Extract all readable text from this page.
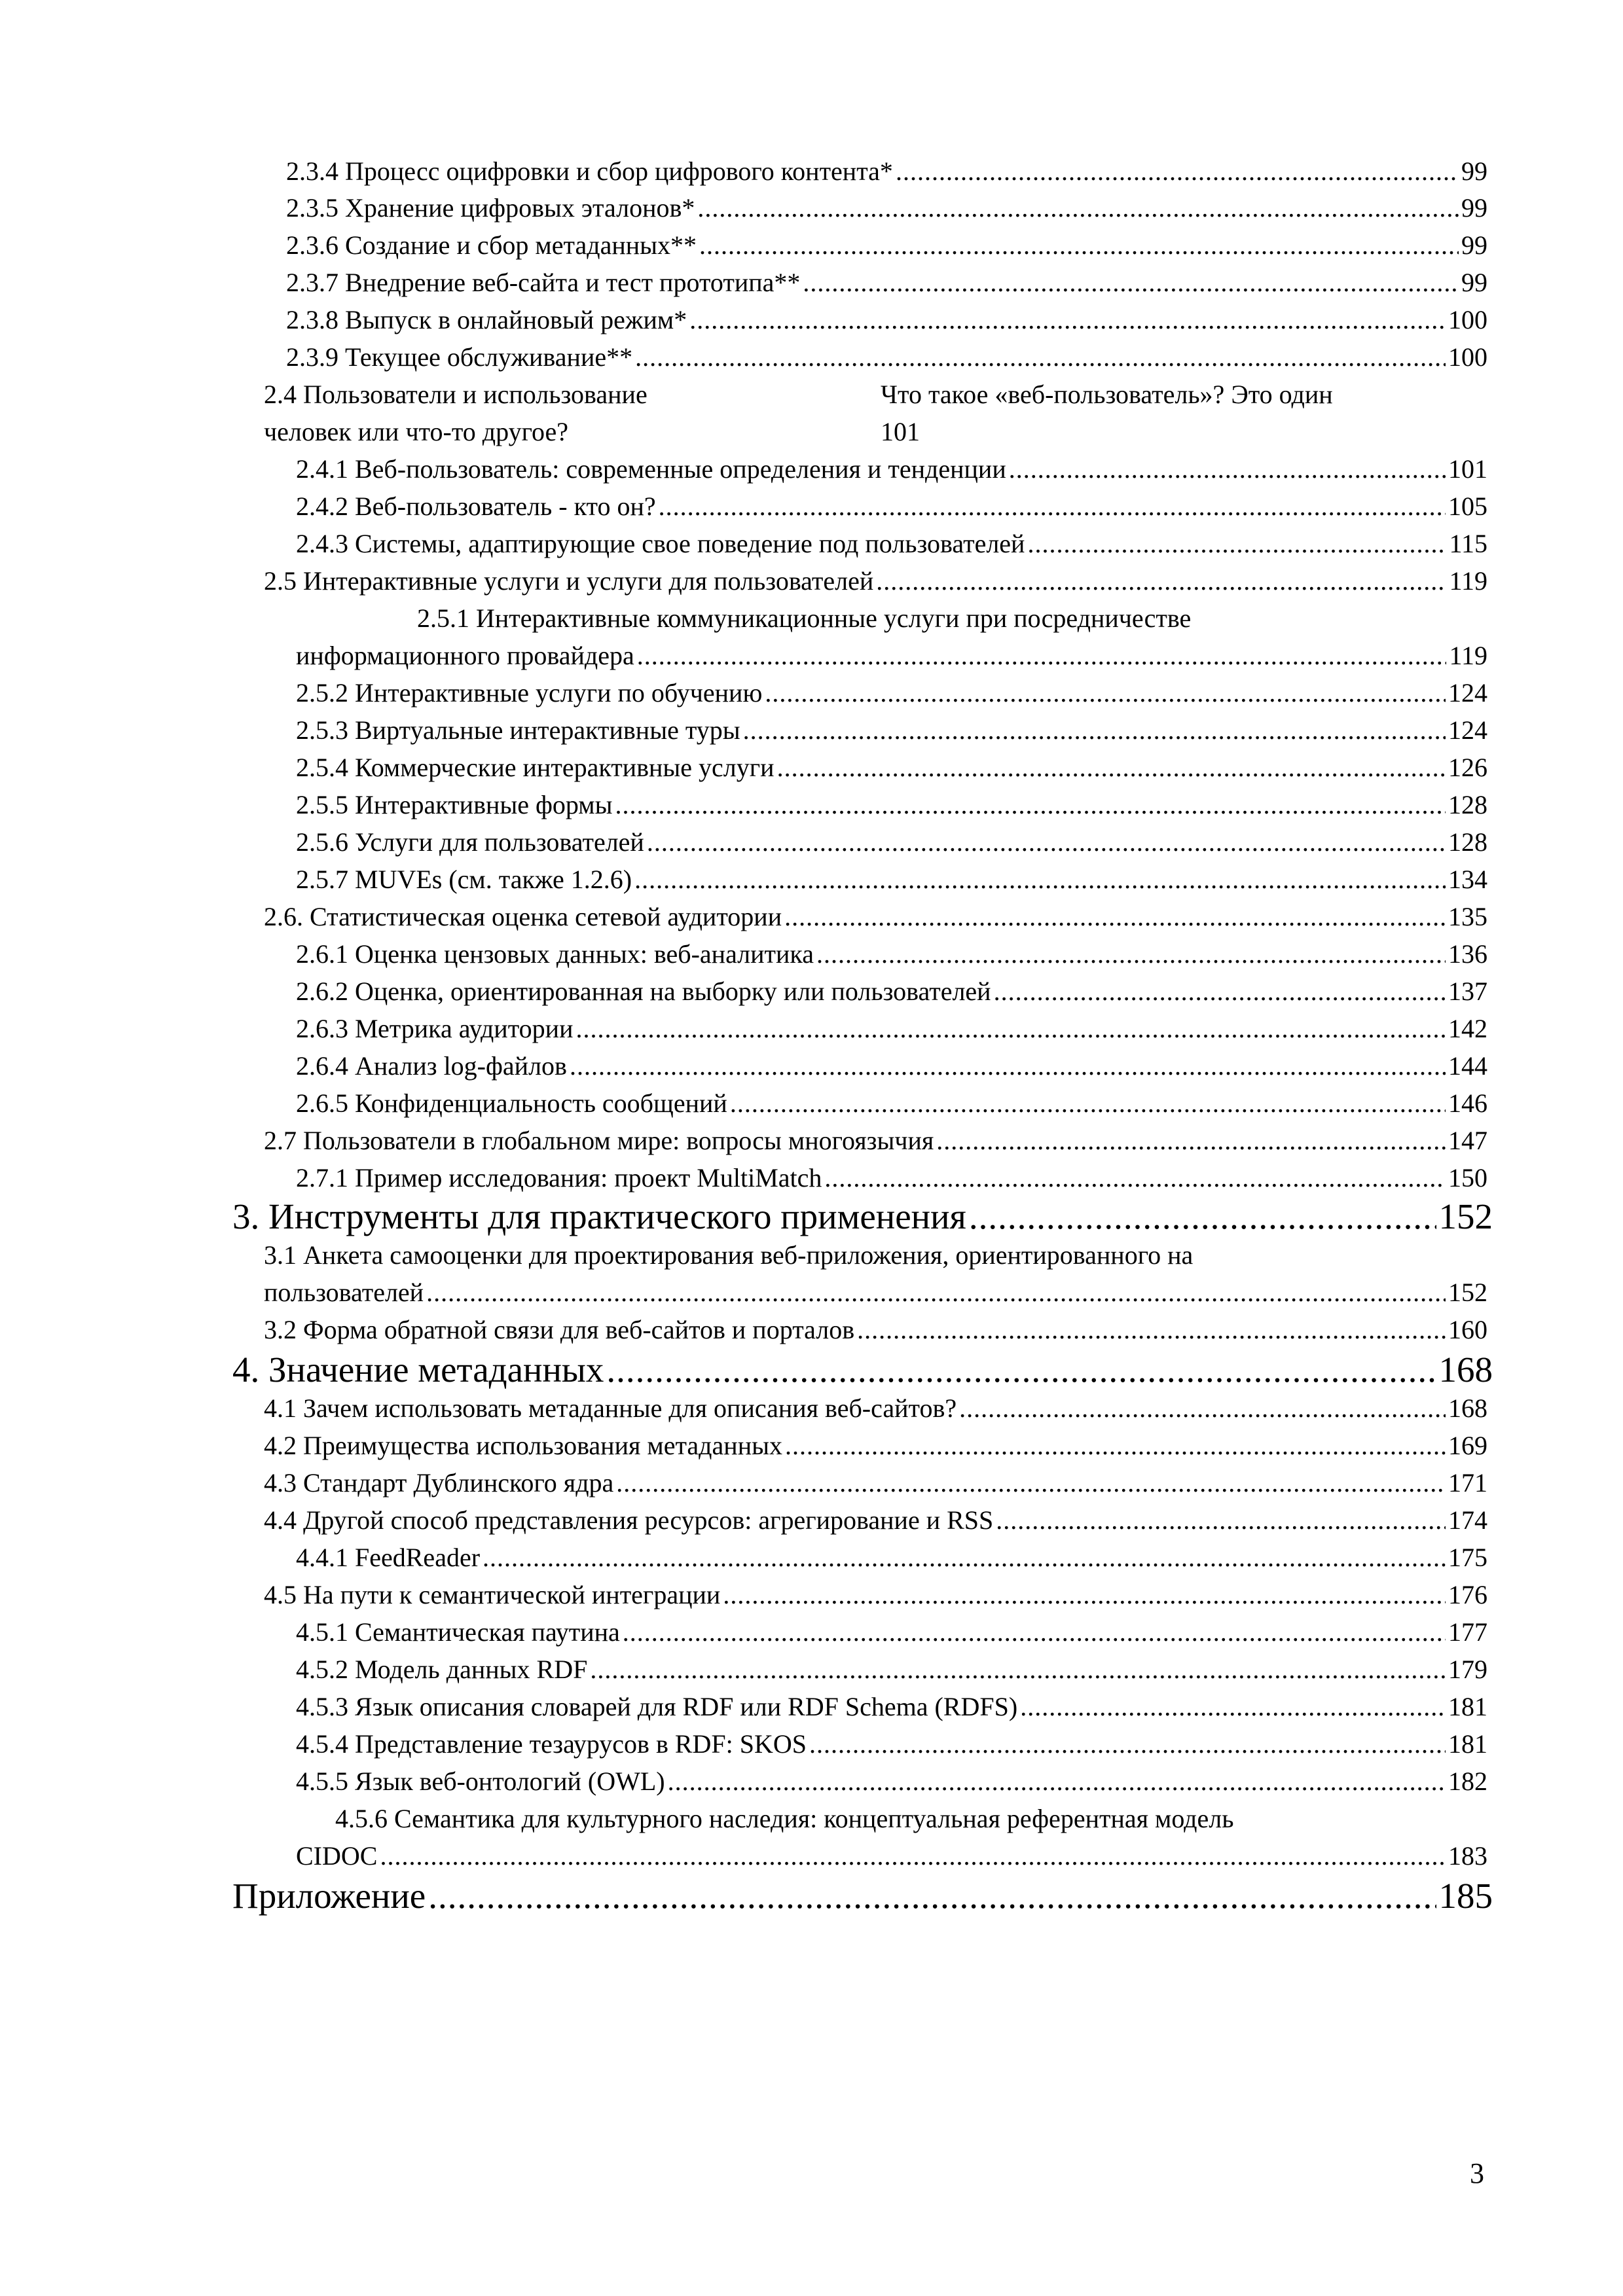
2.3.4 Процесс оцифровки и сбор цифрового контента* .....	99
2.3.5 Хранение цифровых эталонов* .....	99
2.3.6 Создание и сбор метаданных** .....	99
2.3.7 Внедрение веб-сайта и тест прототипа** .....	99
2.3.8 Выпуск в онлайновый режим* .....	100
2.3.9 Текущее обслуживание** .....	100
2.4 Пользователи и использование	Что такое «веб-пользователь»? Это один
человек или что-то другое?	101
2.4.1 Веб-пользователь: современные определения и тенденции .....	101
2.4.2 Веб-пользователь - кто он? .....	105
2.4.3 Системы, адаптирующие свое поведение под пользователей .....	115
2.5 Интерактивные услуги и услуги для пользователей .....	119
2.5.1 Интерактивные коммуникационные услуги при посредничестве
информационного провайдера .....	119
2.5.2 Интерактивные услуги по обучению .....	124
2.5.3 Виртуальные интерактивные туры .....	124
2.5.4 Коммерческие интерактивные услуги .....	126
2.5.5 Интерактивные формы .....	128
2.5.6 Услуги для пользователей .....	128
2.5.7 MUVEs (см. также 1.2.6) .....	134
2.6. Статистическая оценка сетевой аудитории .....	135
2.6.1 Оценка цензовых данных: веб-аналитика .....	136
2.6.2 Оценка, ориентированная на выборку или пользователей .....	137
2.6.3 Метрика аудитории .....	142
2.6.4 Анализ log-файлов .....	144
2.6.5 Конфиденциальность сообщений .....	146
2.7 Пользователи в глобальном мире: вопросы многоязычия .....	147
2.7.1 Пример исследования: проект MultiMatch .....	150
3. Инструменты для практического применения .....	152
3.1 Анкета самооценки для проектирования веб-приложения, ориентированного на
пользователей .....	152
3.2 Форма обратной связи для веб-сайтов и порталов .....	160
4. Значение метаданных .....	168
4.1 Зачем использовать метаданные для описания веб-сайтов? .....	168
4.2 Преимущества использования метаданных .....	169
4.3 Стандарт Дублинского ядра .....	171
4.4 Другой способ представления ресурсов: агрегирование и RSS .....	174
4.4.1 FeedReader .....	175
4.5 На пути к семантической интеграции .....	176
4.5.1 Семантическая паутина .....	177
4.5.2 Модель данных RDF .....	179
4.5.3 Язык описания словарей для RDF или RDF Schema (RDFS) .....	181
4.5.4 Представление тезаурусов в RDF: SKOS .....	181
4.5.5 Язык веб-онтологий (OWL) .....	182
4.5.6 Семантика для культурного наследия: концептуальная референтная модель
CIDOC .....	183
Приложение .....	185
3
